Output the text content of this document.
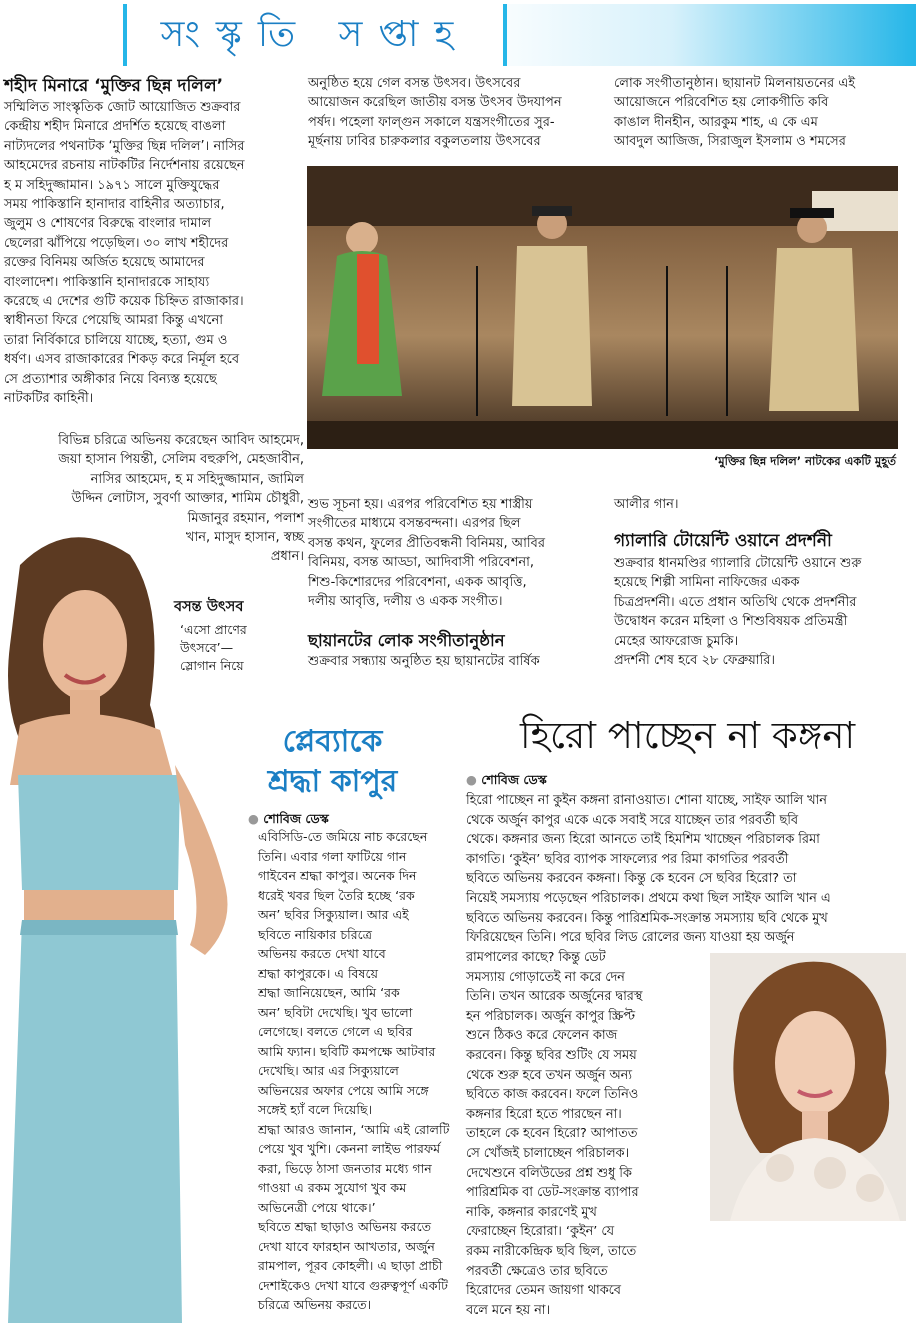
সংস্কৃতি সপ্তাহ
শহীদ মিনারে ‘মুক্তির ছিন্ন দলিল’

সম্মিলিত সাংস্কৃতিক জোট আয়োজিত শুক্রবার
কেন্দ্রীয় শহীদ মিনারে প্রদর্শিত হয়েছে বাঙলা
নাট্যদলের পথনাটক ‘মুক্তির ছিন্ন দলিল’। নাসির
আহমেদের রচনায় নাটকটির নির্দেশনায় রয়েছেন
হ ম সহিদুজ্জামান। ১৯৭১ সালে মুক্তিযুদ্ধের
সময় পাকিস্তানি হানাদার বাহিনীর অত্যাচার,
জুলুম ও শোষণের বিরুদ্ধে বাংলার দামাল
ছেলেরা ঝাঁপিয়ে পড়েছিল। ৩০ লাখ শহীদের
রক্তের বিনিময় অর্জিত হয়েছে আমাদের
বাংলাদেশ। পাকিস্তানি হানাদারকে সাহায্য
করেছে এ দেশের গুটি কয়েক চিহ্নিত রাজাকার।
স্বাধীনতা ফিরে পেয়েছি আমরা কিন্তু এখনো
তারা নির্বিকারে চালিয়ে যাচ্ছে, হত্যা, গুম ও
ধর্ষণ। এসব রাজাকারের শিকড় করে নির্মূল হবে
সে প্রত্যাশার অঙ্গীকার নিয়ে বিন্যস্ত হয়েছে
নাটকটির কাহিনী।

বিভিন্ন চরিত্রে অভিনয় করেছেন আবিদ আহমেদ,
জয়া হাসান পিয়ন্তী, সেলিম বহুরুপি, মেহজাবীন,
নাসির আহমেদ, হ ম সহিদুজ্জামান, জামিল
উদ্দিন লোটাস, সুবর্ণা আক্তার, শামিম চৌধুরী,
মিজানুর রহমান, পলাশ
খান, মাসুদ হাসান, স্বচ্ছ
প্রধান।

বসন্ত উৎসব

‘এসো প্রাণের
উৎসবে’—
স্লোগান নিয়ে

অনুষ্ঠিত হয়ে গেল বসন্ত উৎসব। উৎসবের
আয়োজন করেছিল জাতীয় বসন্ত উৎসব উদযাপন
পর্ষদ। পহেলা ফাল্গুন সকালে যন্ত্রসংগীতের সুর-
মূর্ছনায় ঢাবির চারুকলার বকুলতলায় উৎসবের

শুভ সূচনা হয়। এরপর পরিবেশিত হয় শাস্ত্রীয়
সংগীতের মাধ্যমে বসন্তবন্দনা। এরপর ছিল
বসন্ত কথন, ফুলের প্রীতিবন্ধনী বিনিময়, আবির
বিনিময়, বসন্ত আড্ডা, আদিবাসী পরিবেশনা,
শিশু-কিশোরদের পরিবেশনা, একক আবৃত্তি,
দলীয় আবৃত্তি, দলীয় ও একক সংগীত।

ছায়ানটের লোক সংগীতানুষ্ঠান

শুক্রবার সন্ধ্যায় অনুষ্ঠিত হয় ছায়ানটের বার্ষিক

লোক সংগীতানুষ্ঠান। ছায়ানট মিলনায়তনের এই
আয়োজনে পরিবেশিত হয় লোকগীতি কবি
কাঙাল দীনহীন, আরকুম শাহ, এ কে এম
আবদুল আজিজ, সিরাজুল ইসলাম ও শমসের

আলীর গান।

‘মুক্তির ছিন্ন দলিল’ নাটকের একটি মুহূর্ত
গ্যালারি টোয়েন্টি ওয়ানে প্রদর্শনী

শুক্রবার ধানমণ্ডির গ্যালারি টোয়েন্টি ওয়ানে শুরু
হয়েছে শিল্পী সামিনা নাফিজের একক
চিত্রপ্রদর্শনী। এতে প্রধান অতিথি থেকে প্রদর্শনীর
উদ্বোধন করেন মহিলা ও শিশুবিষয়ক প্রতিমন্ত্রী
মেহের আফরোজ চুমকি।
প্রদর্শনী শেষ হবে ২৮ ফেব্রুয়ারি।

প্লেব্যাকে
শ্রদ্ধা কাপুর
● শোবিজ ডেস্ক

এবিসিডি-তে জমিয়ে নাচ করেছেন
তিনি। এবার গলা ফাটিয়ে গান
গাইবেন শ্রদ্ধা কাপুর। অনেক দিন
ধরেই খবর ছিল তৈরি হচ্ছে ‘রক
অন’ ছবির সিক্যুয়াল। আর এই
ছবিতে নায়িকার চরিত্রে
অভিনয় করতে দেখা যাবে
শ্রদ্ধা কাপুরকে। এ বিষয়ে
শ্রদ্ধা জানিয়েছেন, আমি ‘রক
অন’ ছবিটা দেখেছি। খুব ভালো
লেগেছে। বলতে গেলে এ ছবির
আমি ফ্যান। ছবিটি কমপক্ষে আটবার
দেখেছি। আর এর সিক্যুয়ালে
অভিনয়ের অফার পেয়ে আমি সঙ্গে
সঙ্গেই হ্যাঁ বলে দিয়েছি।
শ্রদ্ধা আরও জানান, ‘আমি এই রোলটি
পেয়ে খুব খুশি। কেননা লাইভ পারফর্ম
করা, ভিড়ে ঠাসা জনতার মধ্যে গান
গাওয়া এ রকম সুযোগ খুব কম
অভিনেত্রী পেয়ে থাকে।’
ছবিতে শ্রদ্ধা ছাড়াও অভিনয় করতে
দেখা যাবে ফারহান আখতার, অর্জুন
রামপাল, পূরব কোহলী। এ ছাড়া প্রাচী
দেশাইকেও দেখা যাবে গুরুত্বপূর্ণ একটি
চরিত্রে অভিনয় করতে।

হিরো পাচ্ছেন না কঙ্গনা
● শোবিজ ডেস্ক

হিরো পাচ্ছেন না কুইন কঙ্গনা রানাওয়াত। শোনা যাচ্ছে, সাইফ আলি খান
থেকে অর্জুন কাপুর একে একে সবাই সরে যাচ্ছেন তার পরবর্তী ছবি
থেকে। কঙ্গনার জন্য হিরো আনতে তাই হিমশিম খাচ্ছেন পরিচালক রিমা
কাগতি। ‘কুইন’ ছবির ব্যাপক সাফল্যের পর রিমা কাগতির পরবর্তী
ছবিতে অভিনয় করবেন কঙ্গনা। কিন্তু কে হবেন সে ছবির হিরো? তা
নিয়েই সমস্যায় পড়েছেন পরিচালক। প্রথমে কথা ছিল সাইফ আলি খান এ
ছবিতে অভিনয় করবেন। কিন্তু পারিশ্রমিক-সংক্রান্ত সমস্যায় ছবি থেকে মুখ
ফিরিয়েছেন তিনি। পরে ছবির লিড রোলের জন্য যাওয়া হয় অর্জুন

রামপালের কাছে? কিন্তু ডেট
সমস্যায় গোড়াতেই না করে দেন
তিনি। তখন আরেক অর্জুনের দ্বারস্থ
হন পরিচালক। অর্জুন কাপুর স্ক্রিপ্ট
শুনে ঠিকও করে ফেলেন কাজ
করবেন। কিন্তু ছবির শুটিং যে সময়
থেকে শুরু হবে তখন অর্জুন অন্য
ছবিতে কাজ করবেন। ফলে তিনিও
কঙ্গনার হিরো হতে পারছেন না।
তাহলে কে হবেন হিরো? আপাতত
সে খোঁজই চালাচ্ছেন পরিচালক।
দেখেশুনে বলিউডের প্রশ্ন শুধু কি
পারিশ্রমিক বা ডেট-সংক্রান্ত ব্যাপার
নাকি, কঙ্গনার কারণেই মুখ
ফেরাচ্ছেন হিরোরা। ‘কুইন’ যে
রকম নারীকেন্দ্রিক ছবি ছিল, তাতে
পরবর্তী ক্ষেত্রেও তার ছবিতে
হিরোদের তেমন জায়গা থাকবে
বলে মনে হয় না।
